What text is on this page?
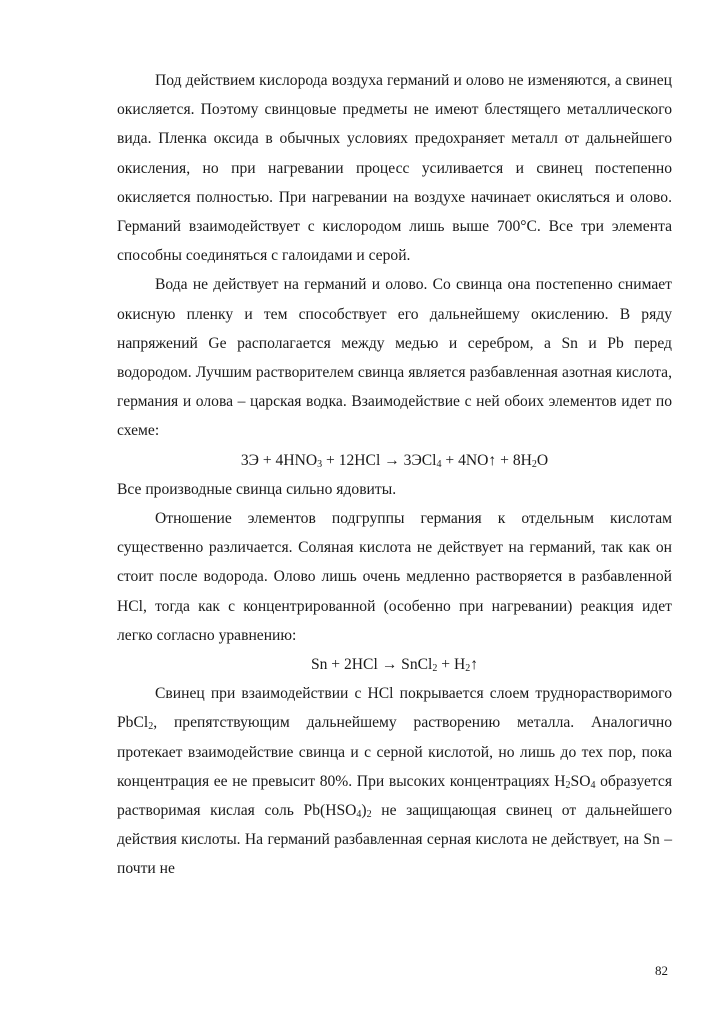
Под действием кислорода воздуха германий и олово не изменяются, а свинец окисляется. Поэтому свинцовые предметы не имеют блестящего металлического вида. Пленка оксида в обычных условиях предохраняет металл от дальнейшего окисления, но при нагревании процесс усиливается и свинец постепенно окисляется полностью. При нагревании на воздухе начинает окисляться и олово. Германий взаимодействует с кислородом лишь выше 700°C. Все три элемента способны соединяться с галоидами и серой.

Вода не действует на германий и олово. Со свинца она постепенно снимает окисную пленку и тем способствует его дальнейшему окислению. В ряду напряжений Ge располагается между медью и серебром, а Sn и Pb перед водородом. Лучшим растворителем свинца является разбавленная азотная кислота, германия и олова – царская водка. Взаимодействие с ней обоих элементов идет по схеме:

$3Э + 4HNO_3 + 12HCl \to 3ЭCl_4$ + 4NO↑ + $8H_2O$

Все производные свинца сильно ядовиты.

Отношение элементов подгруппы германия к отдельным кислотам существенно различается. Соляная кислота не действует на германий, так как он стоит после водорода. Олово лишь очень медленно растворяется в разбавленной HCl, тогда как с концентрированной (особенно при нагревании) реакция идет легко согласно уравнению:

Sn + 2HCl → SnCl$_2$ + $H_2↑$

Свинец при взаимодействии с HCl покрывается слоем труднорастворимого PbCl$_2$, препятствующим дальнейшему растворению металла. Аналогично протекает взаимодействие свинца и с серной кислотой, но лишь до тех пор, пока концентрация ее не превысит 80%. При высоких концентрациях $H_2SO_4$ образуется растворимая кислая соль $Pb(HSO_4)_2$ не защищающая свинец от дальнейшего действия кислоты. На германий разбавленная серная кислота не действует, на Sn – почти не

82
